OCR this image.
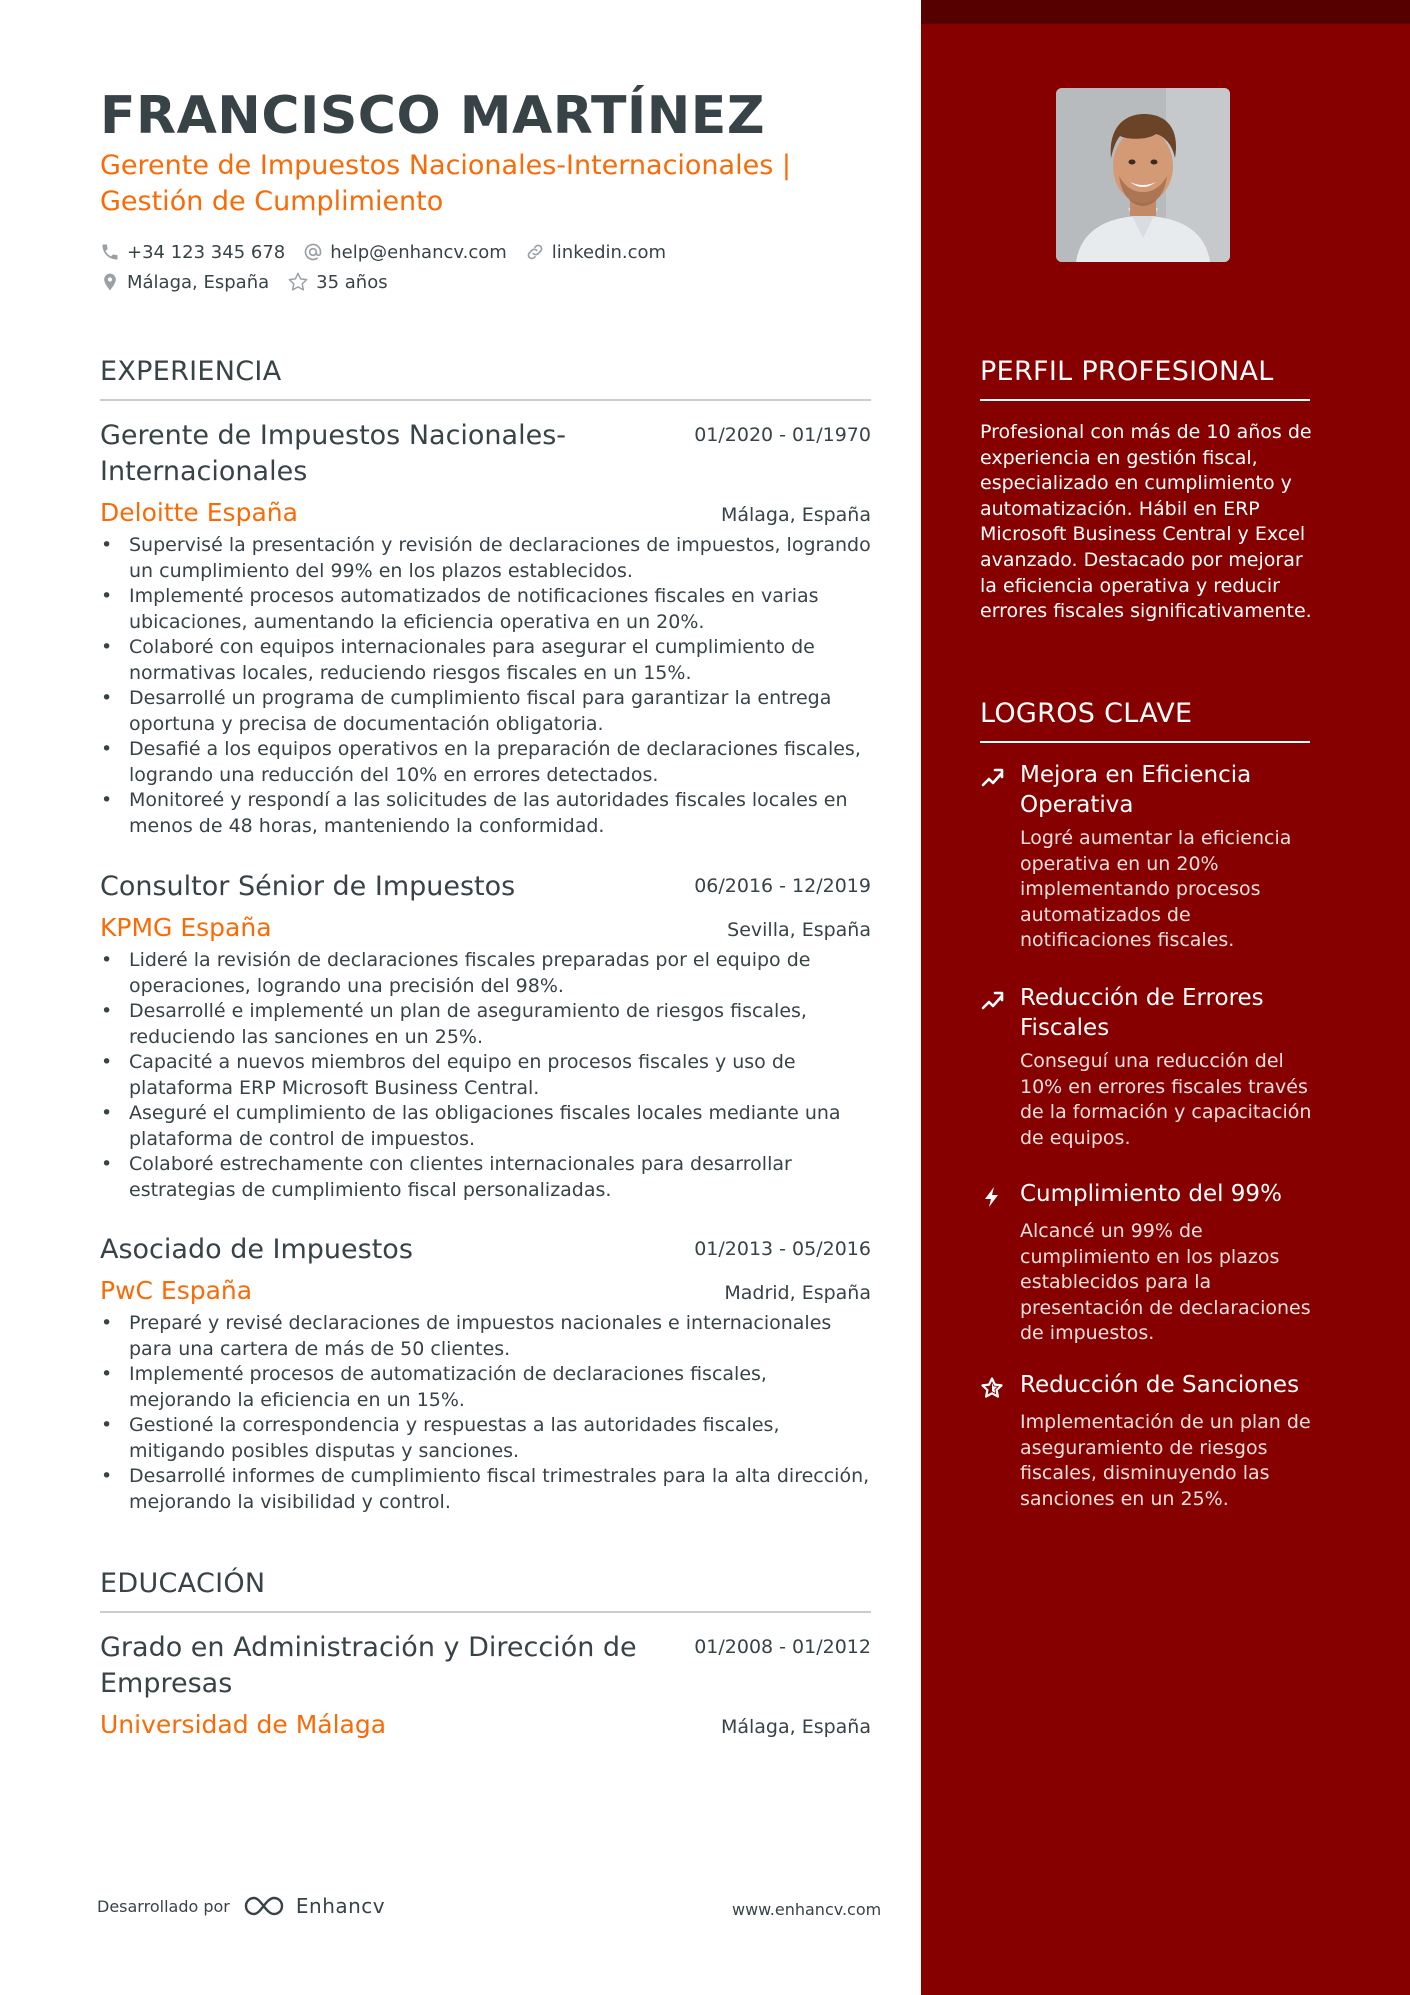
FRANCISCO MARTÍNEZ
Gerente de Impuestos Nacionales-Internacionales | Gestión de Cumplimiento
+34 123 345 678	help@enhancv.com	linkedin.com
Málaga, España	35 años
EXPERIENCIA
Gerente de Impuestos Nacionales-Internacionales
01/2020 - 01/1970
Deloitte España	Málaga, España
• Supervisé la presentación y revisión de declaraciones de impuestos, logrando un cumplimiento del 99% en los plazos establecidos.
• Implementé procesos automatizados de notificaciones fiscales en varias ubicaciones, aumentando la eficiencia operativa en un 20%.
• Colaboré con equipos internacionales para asegurar el cumplimiento de normativas locales, reduciendo riesgos fiscales en un 15%.
• Desarrollé un programa de cumplimiento fiscal para garantizar la entrega oportuna y precisa de documentación obligatoria.
• Desafié a los equipos operativos en la preparación de declaraciones fiscales, logrando una reducción del 10% en errores detectados.
• Monitoreé y respondí a las solicitudes de las autoridades fiscales locales en menos de 48 horas, manteniendo la conformidad.
Consultor Sénior de Impuestos	06/2016 - 12/2019
KPMG España	Sevilla, España
• Lideré la revisión de declaraciones fiscales preparadas por el equipo de operaciones, logrando una precisión del 98%.
• Desarrollé e implementé un plan de aseguramiento de riesgos fiscales, reduciendo las sanciones en un 25%.
• Capacité a nuevos miembros del equipo en procesos fiscales y uso de plataforma ERP Microsoft Business Central.
• Aseguré el cumplimiento de las obligaciones fiscales locales mediante una plataforma de control de impuestos.
• Colaboré estrechamente con clientes internacionales para desarrollar estrategias de cumplimiento fiscal personalizadas.
Asociado de Impuestos	01/2013 - 05/2016
PwC España	Madrid, España
• Preparé y revisé declaraciones de impuestos nacionales e internacionales para una cartera de más de 50 clientes.
• Implementé procesos de automatización de declaraciones fiscales, mejorando la eficiencia en un 15%.
• Gestioné la correspondencia y respuestas a las autoridades fiscales, mitigando posibles disputas y sanciones.
• Desarrollé informes de cumplimiento fiscal trimestrales para la alta dirección, mejorando la visibilidad y control.
EDUCACIÓN
Grado en Administración y Dirección de Empresas
01/2008 - 01/2012
Universidad de Málaga	Málaga, España
PERFIL PROFESIONAL
Profesional con más de 10 años de experiencia en gestión fiscal, especializado en cumplimiento y automatización. Hábil en ERP Microsoft Business Central y Excel avanzado. Destacado por mejorar la eficiencia operativa y reducir errores fiscales significativamente.
LOGROS CLAVE
Mejora en Eficiencia Operativa
Logré aumentar la eficiencia operativa en un 20% implementando procesos automatizados de notificaciones fiscales.
Reducción de Errores Fiscales
Conseguí una reducción del 10% en errores fiscales través de la formación y capacitación de equipos.
Cumplimiento del 99%
Alcancé un 99% de cumplimiento en los plazos establecidos para la presentación de declaraciones de impuestos.
Reducción de Sanciones
Implementación de un plan de aseguramiento de riesgos fiscales, disminuyendo las sanciones en un 25%.
Desarrollado por	Enhancv	www.enhancv.com
